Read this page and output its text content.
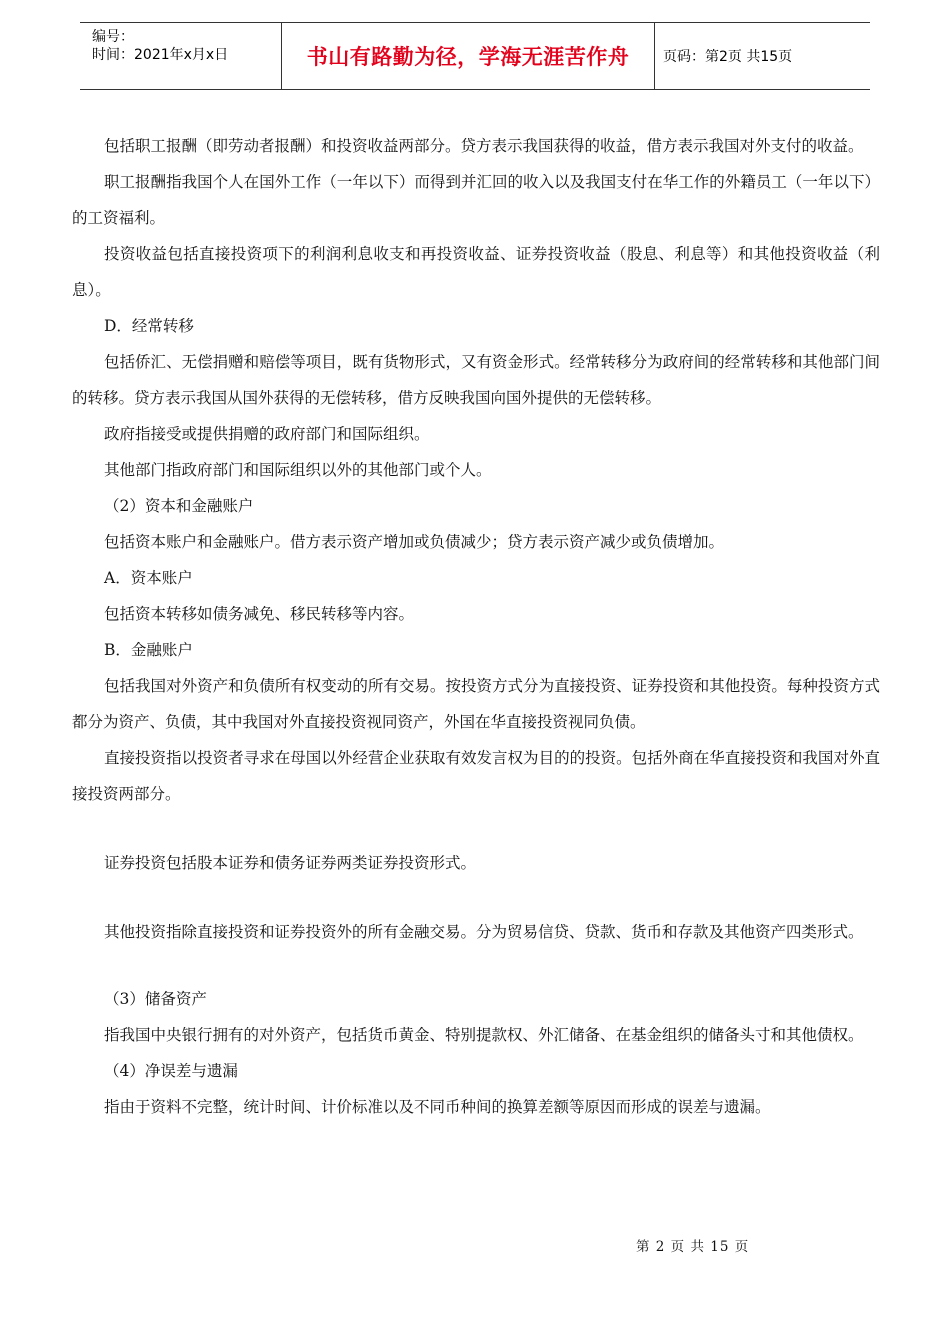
编号：
时间：2021年x月x日	书山有路勤为径，学海无涯苦作舟	页码：第2页 共15页

包括职工报酬（即劳动者报酬）和投资收益两部分。贷方表示我国获得的收益，借方表示我国对外支付的收益。

职工报酬指我国个人在国外工作（一年以下）而得到并汇回的收入以及我国支付在华工作的外籍员工（一年以下）的工资福利。

投资收益包括直接投资项下的利润利息收支和再投资收益、证券投资收益（股息、利息等）和其他投资收益（利息）。

D．经常转移

包括侨汇、无偿捐赠和赔偿等项目，既有货物形式，又有资金形式。经常转移分为政府间的经常转移和其他部门间的转移。贷方表示我国从国外获得的无偿转移，借方反映我国向国外提供的无偿转移。

政府指接受或提供捐赠的政府部门和国际组织。

其他部门指政府部门和国际组织以外的其他部门或个人。

（2）资本和金融账户

包括资本账户和金融账户。借方表示资产增加或负债减少；贷方表示资产减少或负债增加。

A．资本账户

包括资本转移如债务减免、移民转移等内容。

B．金融账户

包括我国对外资产和负债所有权变动的所有交易。按投资方式分为直接投资、证券投资和其他投资。每种投资方式都分为资产、负债，其中我国对外直接投资视同资产，外国在华直接投资视同负债。

直接投资指以投资者寻求在母国以外经营企业获取有效发言权为目的的投资。包括外商在华直接投资和我国对外直接投资两部分。

证券投资包括股本证券和债务证券两类证券投资形式。

其他投资指除直接投资和证券投资外的所有金融交易。分为贸易信贷、贷款、货币和存款及其他资产四类形式。

（3）储备资产

指我国中央银行拥有的对外资产，包括货币黄金、特别提款权、外汇储备、在基金组织的储备头寸和其他债权。

（4）净误差与遗漏

指由于资料不完整，统计时间、计价标准以及不同币种间的换算差额等原因而形成的误差与遗漏。

第 2 页 共 15 页
